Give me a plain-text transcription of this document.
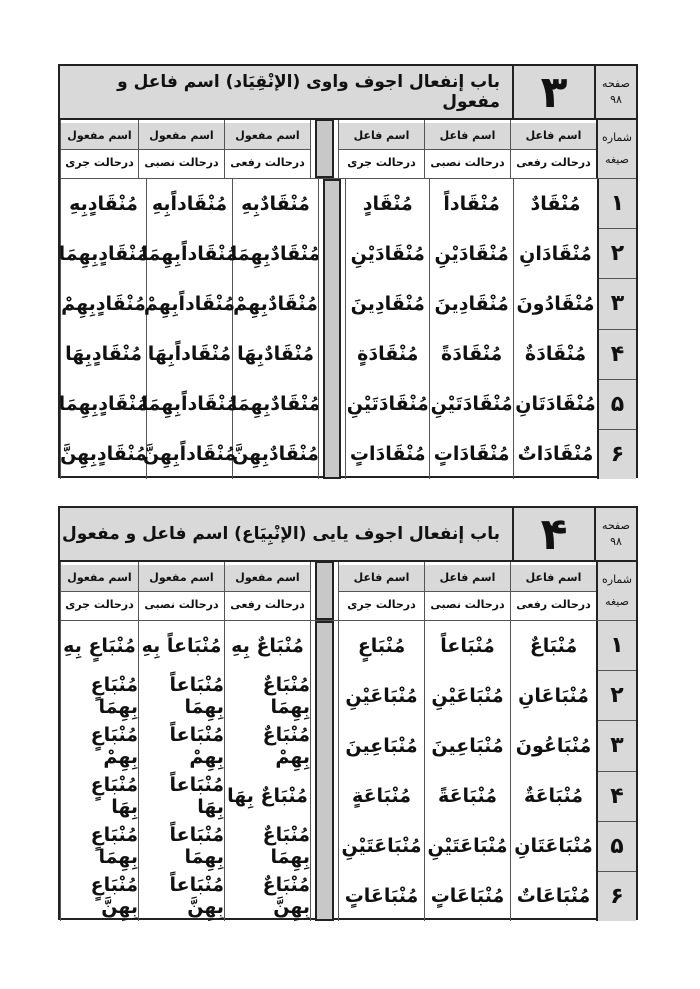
صفحه
۹۸
۳
باب إنفعال اجوف واوی (الإنْقِيَاد) اسم فاعل و مفعول
شماره
صيغه
اسم فاعل
درحالت رفعی
اسم فاعل
درحالت نصبی
اسم فاعل
درحالت جری
اسم مفعول
درحالت رفعی
اسم مفعول
درحالت نصبی
اسم مفعول
درحالت جری
۱
۲
۳
۴
۵
۶
مُنْقَادٌ
مُنْقَادَانِ
مُنْقَادُونَ
مُنْقَادَةٌ
مُنْقَادَتَانِ
مُنْقَادَاتٌ
مُنْقَاداً
مُنْقَادَيْنِ
مُنْقَادِينَ
مُنْقَادَةً
مُنْقَادَتَيْنِ
مُنْقَادَاتٍ
مُنْقَادٍ
مُنْقَادَيْنِ
مُنْقَادِينَ
مُنْقَادَةٍ
مُنْقَادَتَيْنِ
مُنْقَادَاتٍ
مُنْقَادٌبِهِ
مُنْقَادٌبِهِمَا
مُنْقَادٌبِهِمْ
مُنْقَادٌبِهَا
مُنْقَادٌبِهِمَا
مُنْقَادٌبِهِنَّ
مُنْقَاداًبِهِ
مُنْقَاداًبِهِمَا
مُنْقَاداًبِهِمْ
مُنْقَاداًبِهَا
مُنْقَاداًبِهِمَا
مُنْقَاداًبِهِنَّ
مُنْقَادٍبِهِ
مُنْقَادٍبِهِمَا
مُنْقَادٍبِهِمْ
مُنْقَادٍبِهَا
مُنْقَادٍبِهِمَا
مُنْقَادٍبِهِنَّ
صفحه
۹۸
۴
باب إنفعال اجوف يايی (الإنْبِيَاع) اسم فاعل و مفعول
شماره
صيغه
اسم فاعل
درحالت رفعی
اسم فاعل
درحالت نصبی
اسم فاعل
درحالت جری
اسم مفعول
درحالت رفعی
اسم مفعول
درحالت نصبی
اسم مفعول
درحالت جری
۱
۲
۳
۴
۵
۶
مُنْبَاعٌ
مُنْبَاعَانِ
مُنْبَاعُونَ
مُنْبَاعَةٌ
مُنْبَاعَتَانِ
مُنْبَاعَاتٌ
مُنْبَاعاً
مُنْبَاعَيْنِ
مُنْبَاعِينَ
مُنْبَاعَةً
مُنْبَاعَتَيْنِ
مُنْبَاعَاتٍ
مُنْبَاعٍ
مُنْبَاعَيْنِ
مُنْبَاعِينَ
مُنْبَاعَةٍ
مُنْبَاعَتَيْنِ
مُنْبَاعَاتٍ
مُنْبَاعٌ بِهِ
مُنْبَاعٌ بِهِمَا
مُنْبَاعٌ بِهِمْ
مُنْبَاعٌ بِهَا
مُنْبَاعٌ بِهِمَا
مُنْبَاعٌ بِهِنَّ
مُنْبَاعاً بِهِ
مُنْبَاعاً بِهِمَا
مُنْبَاعاً بِهِمْ
مُنْبَاعاً بِهَا
مُنْبَاعاً بِهِمَا
مُنْبَاعاً بِهِنَّ
مُنْبَاعٍ بِهِ
مُنْبَاعٍ بِهِمَا
مُنْبَاعٍ بِهِمْ
مُنْبَاعٍ بِهَا
مُنْبَاعٍ بِهِمَا
مُنْبَاعٍ بِهِنَّ
